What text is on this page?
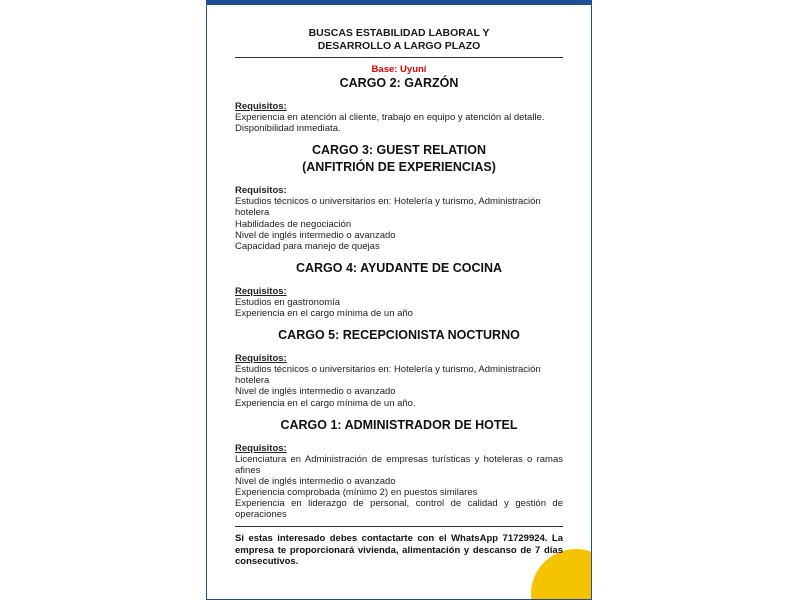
BUSCAS ESTABILIDAD LABORAL Y
DESARROLLO A LARGO PLAZO
Base: Uyuni
CARGO 2: GARZÓN
Requisitos:
Experiencia en atención al cliente, trabajo en equipo y atención al detalle.
Disponibilidad inmediata.
CARGO 3: GUEST RELATION
(ANFITRIÓN DE EXPERIENCIAS)
Requisitos:
Estudios técnicos o universitarios en: Hotelería y turismo, Administración hotelera
Habilidades de negociación
Nivel de inglés intermedio o avanzado
Capacidad para manejo de quejas
CARGO 4: AYUDANTE DE COCINA
Requisitos:
Estudios en gastronomía
Experiencia en el cargo mínima de un año
CARGO 5: RECEPCIONISTA NOCTURNO
Requisitos:
Estudios técnicos o universitarios en: Hotelería y turismo, Administración hotelera
Nivel de inglés intermedio o avanzado
Experiencia en el cargo mínima de un año.
CARGO 1: ADMINISTRADOR DE HOTEL
Requisitos:
Licenciatura en Administración de empresas turísticas y hoteleras o ramas afines
Nivel de inglés intermedio o avanzado
Experiencia comprobada (mínimo 2) en puestos similares
Experiencia en liderazgo de personal, control de calidad y gestión de operaciones
Si estas interesado debes contactarte con el WhatsApp 71729924. La empresa te proporcionará vivienda, alimentación y descanso de 7 días consecutivos.
